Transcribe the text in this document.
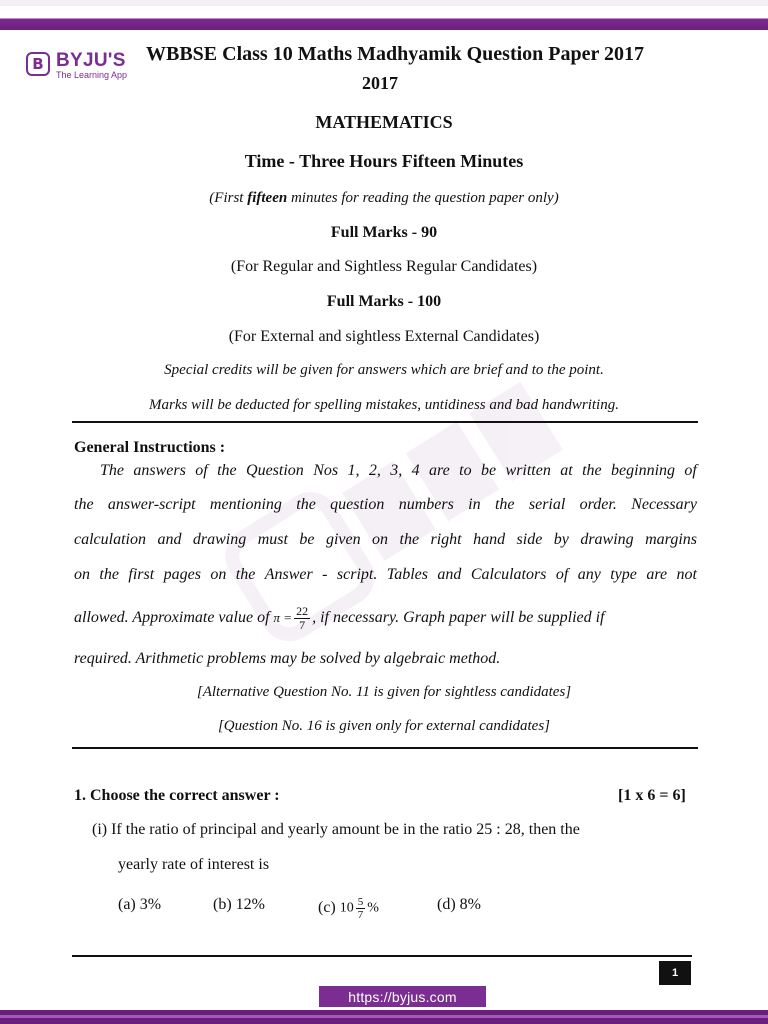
B BYJU'S
The Learning App
WBBSE Class 10 Maths Madhyamik Question Paper 2017
2017
MATHEMATICS
Time - Three Hours Fifteen Minutes
(First fifteen minutes for reading the question paper only)
Full Marks - 90
(For Regular and Sightless Regular Candidates)
Full Marks - 100
(For External and sightless External Candidates)
Special credits will be given for answers which are brief and to the point.
Marks will be deducted for spelling mistakes, untidiness and bad handwriting.
General Instructions :
The answers of the Question Nos 1, 2, 3, 4 are to be written at the beginning of
the answer-script mentioning the question numbers in the serial order. Necessary
calculation and drawing must be given on the right hand side by drawing margins
on the first pages on the Answer - script. Tables and Calculators of any type are not
allowed. Approximate value of $\pi = \frac{22}{7}$ , if necessary. Graph paper will be supplied if
required. Arithmetic problems may be solved by algebraic method.
[Alternative Question No. 11 is given for sightless candidates]
[Question No. 16 is given only for external candidates]
1. Choose the correct answer :	[1 x 6 = 6]
(i) If the ratio of principal and yearly amount be in the ratio 25 : 28, then the
yearly rate of interest is
(a) 3%	(b) 12%	(c) $10 \frac{5}{7}$ %	(d) 8%
1
https://byjus.com
